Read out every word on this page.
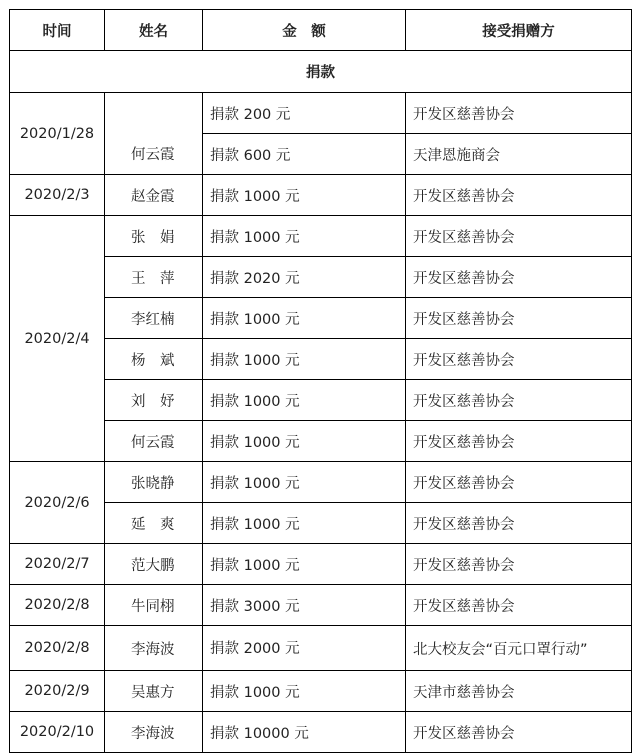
时间	姓名	金　额	接受捐赠方
捐款			
2020/1/28	何云霞	捐款 200 元	开发区慈善协会
		捐款 600 元	天津恩施商会
2020/2/3	赵金霞	捐款 1000 元	开发区慈善协会
2020/2/4	张　娟	捐款 1000 元	开发区慈善协会
	王　萍	捐款 2020 元	开发区慈善协会
	李红楠	捐款 1000 元	开发区慈善协会
	杨　斌	捐款 1000 元	开发区慈善协会
	刘　妤	捐款 1000 元	开发区慈善协会
	何云霞	捐款 1000 元	开发区慈善协会
2020/2/6	张晓静	捐款 1000 元	开发区慈善协会
	延　爽	捐款 1000 元	开发区慈善协会
2020/2/7	范大鹏	捐款 1000 元	开发区慈善协会
2020/2/8	牛同栩	捐款 3000 元	开发区慈善协会
2020/2/8	李海波	捐款 2000 元	北大校友会“百元口罩行动”
2020/2/9	吴惠方	捐款 1000 元	天津市慈善协会
2020/2/10	李海波	捐款 10000 元	开发区慈善协会
